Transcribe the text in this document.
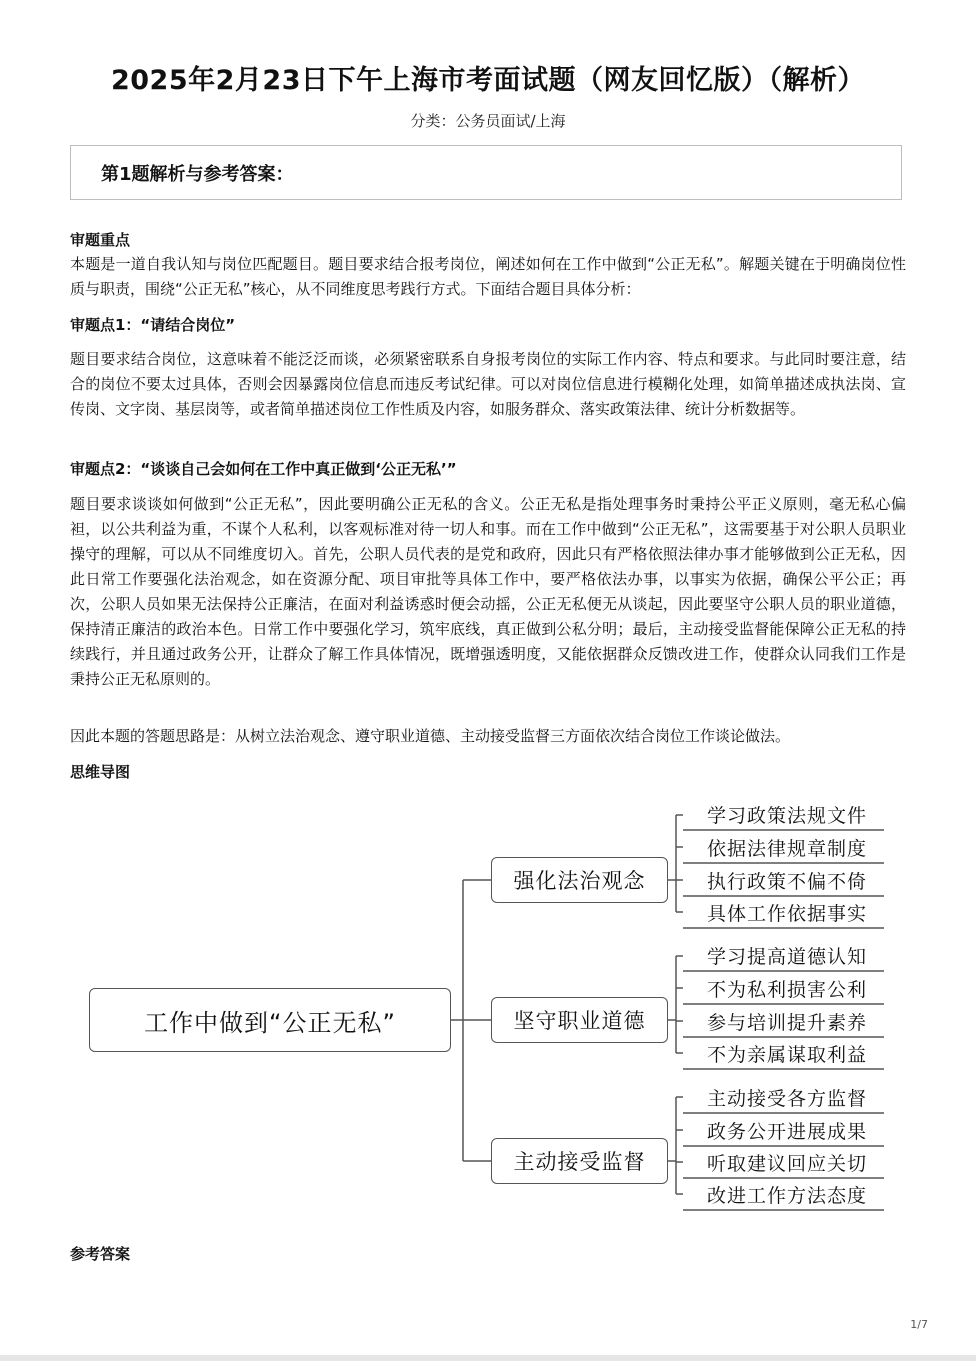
2025年2月23日下午上海市考面试题（网友回忆版）（解析）
分类：公务员面试/上海
第1题解析与参考答案：
审题重点
本题是一道自我认知与岗位匹配题目。题目要求结合报考岗位，阐述如何在工作中做到“公正无私”。解题关键在于明确岗位性质与职责，围绕“公正无私”核心，从不同维度思考践行方式。下面结合题目具体分析：
审题点1：“请结合岗位”
题目要求结合岗位，这意味着不能泛泛而谈，必须紧密联系自身报考岗位的实际工作内容、特点和要求。与此同时要注意，结合的岗位不要太过具体，否则会因暴露岗位信息而违反考试纪律。可以对岗位信息进行模糊化处理，如简单描述成执法岗、宣传岗、文字岗、基层岗等，或者简单描述岗位工作性质及内容，如服务群众、落实政策法律、统计分析数据等。
审题点2：“谈谈自己会如何在工作中真正做到‘公正无私’”
题目要求谈谈如何做到“公正无私”，因此要明确公正无私的含义。公正无私是指处理事务时秉持公平正义原则，毫无私心偏袒，以公共利益为重，不谋个人私利，以客观标准对待一切人和事。而在工作中做到“公正无私”，这需要基于对公职人员职业操守的理解，可以从不同维度切入。首先，公职人员代表的是党和政府，因此只有严格依照法律办事才能够做到公正无私，因此日常工作要强化法治观念，如在资源分配、项目审批等具体工作中，要严格依法办事，以事实为依据，确保公平公正；再次，公职人员如果无法保持公正廉洁，在面对利益诱惑时便会动摇，公正无私便无从谈起，因此要坚守公职人员的职业道德，保持清正廉洁的政治本色。日常工作中要强化学习，筑牢底线，真正做到公私分明；最后，主动接受监督能保障公正无私的持续践行，并且通过政务公开，让群众了解工作具体情况，既增强透明度，又能依据群众反馈改进工作，使群众认同我们工作是秉持公正无私原则的。
因此本题的答题思路是：从树立法治观念、遵守职业道德、主动接受监督三方面依次结合岗位工作谈论做法。
思维导图
工作中做到“公正无私”
强化法治观念
坚守职业道德
主动接受监督
学习政策法规文件
依据法律规章制度
执行政策不偏不倚
具体工作依据事实
学习提高道德认知
不为私利损害公利
参与培训提升素养
不为亲属谋取利益
主动接受各方监督
政务公开进展成果
听取建议回应关切
改进工作方法态度
参考答案
1/7
